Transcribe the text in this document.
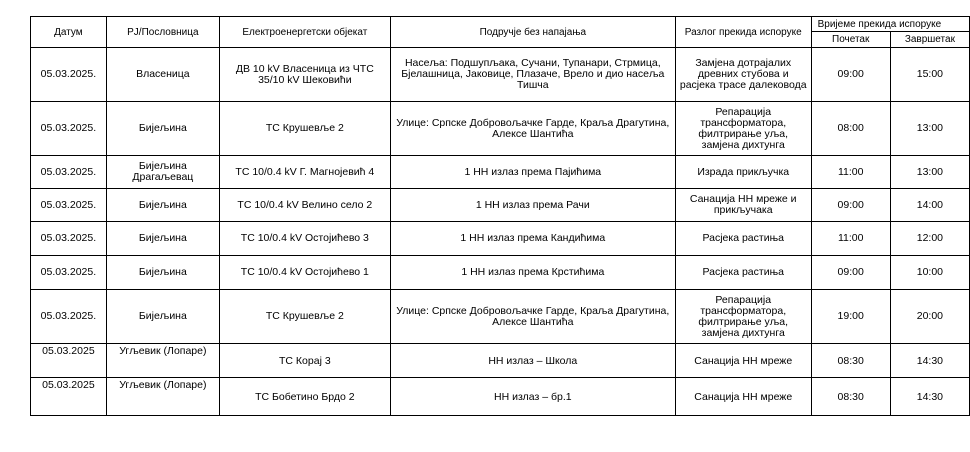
Датум	РЈ/Пословница	Електроенергетски објекат	Подручје без напајања	Разлог прекида испоруке	Вријеме прекида испоруке	
					Почетак	Завршетак
05.03.2025.	Власеница	ДВ 10 kV Власеница из ЧТС 35/10 kV Шековићи	Насеља: Подшупљака, Сучани, Тупанари, Стрмица, Бјелашница, Јаковице, Плазаче, Врело и дио насеља Тишча	Замјена дотрајалих древних стубова и расјека трасе далековода	09:00	15:00
05.03.2025.	Бијељина	ТС Крушевље 2	Улице: Српске Добровољачке Гарде, Краља Драгутина, Алексе Шантића	Репарација трансформатора, филтрирање уља, замјена дихтунга	08:00	13:00
05.03.2025.	Бијељина Драгаљевац	ТС 10/0.4 kV Г. Магнојевић 4	1 НН излаз према Пајићима	Израда прикључка	11:00	13:00
05.03.2025.	Бијељина	ТС 10/0.4 kV Велино село 2	1 НН излаз према Рачи	Санација НН мреже и прикључака	09:00	14:00
05.03.2025.	Бијељина	ТС 10/0.4 kV Остојићево 3	1 НН излаз према Кандићима	Расјека растиња	11:00	12:00
05.03.2025.	Бијељина	ТС 10/0.4 kV Остојићево 1	1 НН излаз према Крстићима	Расјека растиња	09:00	10:00
05.03.2025.	Бијељина	ТС Крушевље 2	Улице: Српске Добровољачке Гарде, Краља Драгутина, Алексе Шантића	Репарација трансформатора, филтрирање уља, замјена дихтунга	19:00	20:00
05.03.2025	Угљевик (Лопаре)	ТС Корај 3	НН излаз – Школа	Санација НН мреже	08:30	14:30
05.03.2025	Угљевик (Лопаре)	ТС Бобетино Брдо 2	НН излаз – бр.1	Санација НН мреже	08:30	14:30
